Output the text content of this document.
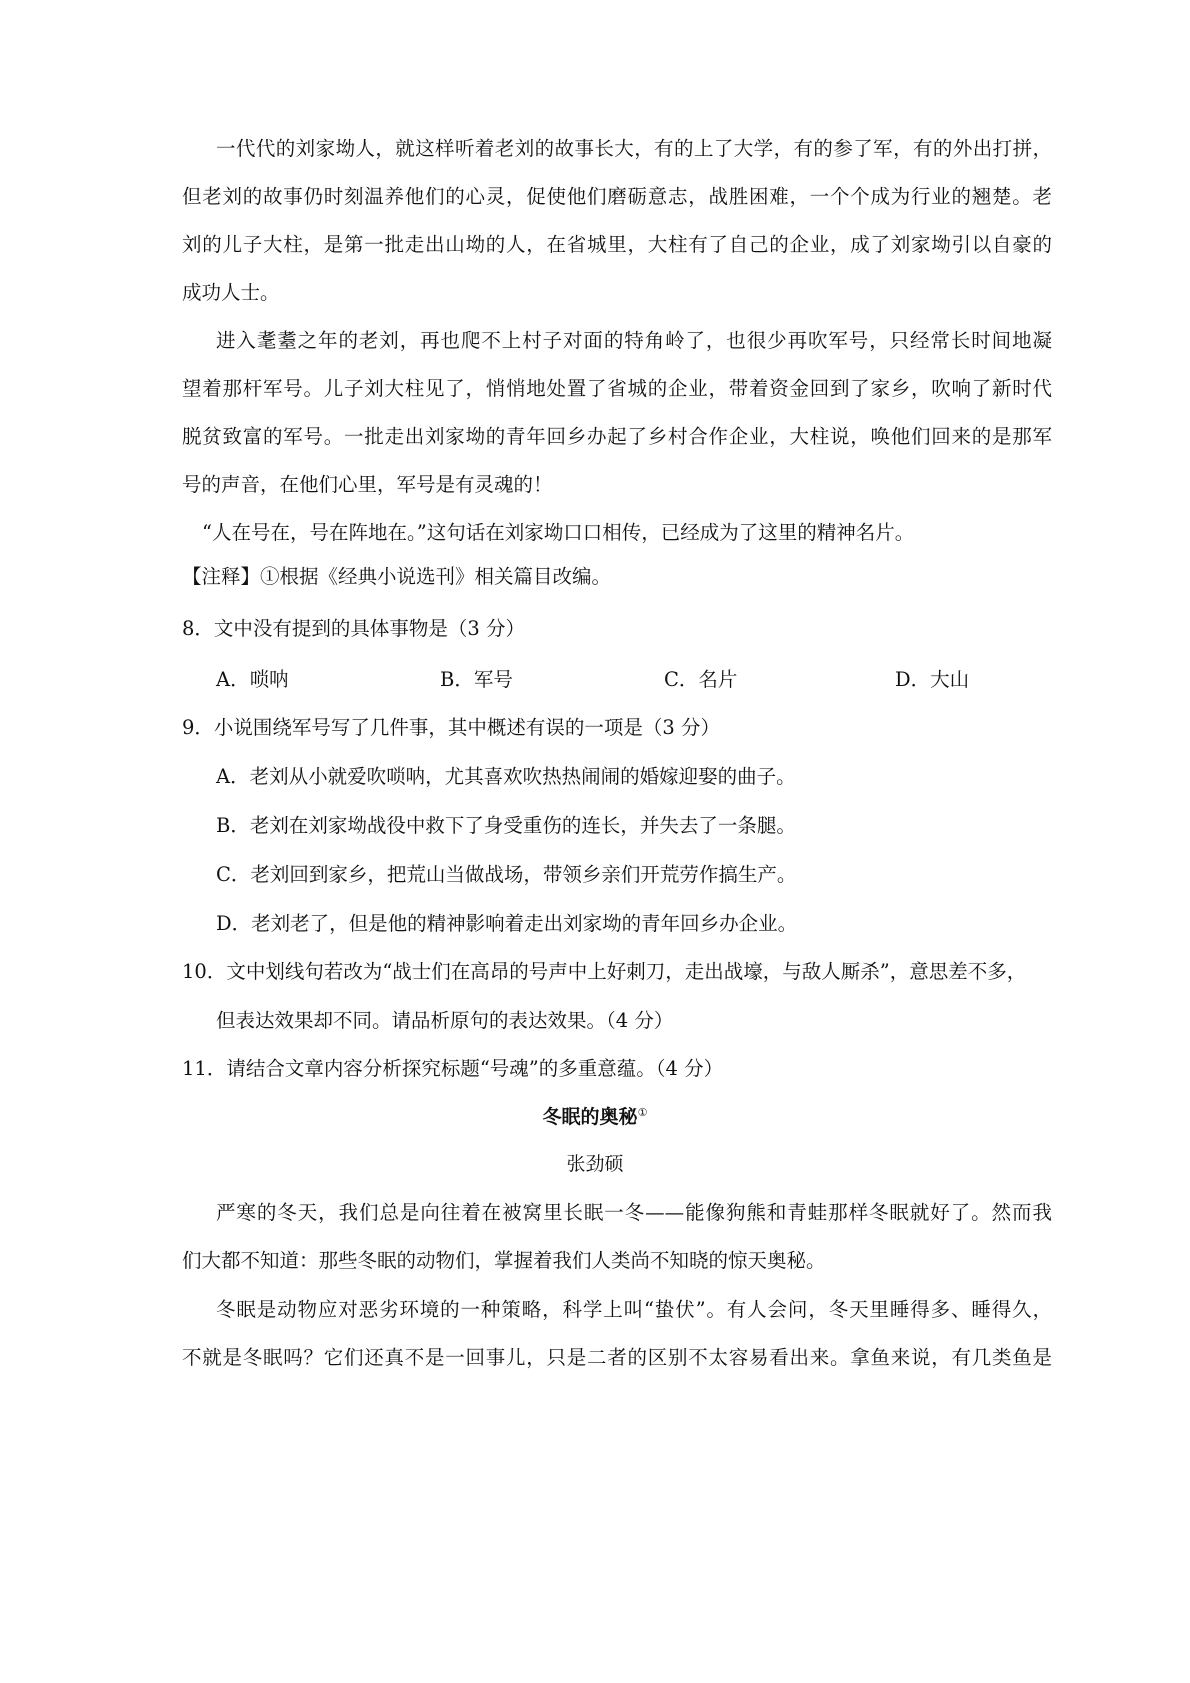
一代代的刘家坳人，就这样听着老刘的故事长大，有的上了大学，有的参了军，有的外出打拼，
但老刘的故事仍时刻温养他们的心灵，促使他们磨砺意志，战胜困难，一个个成为行业的翘楚。老
刘的儿子大柱，是第一批走出山坳的人，在省城里，大柱有了自己的企业，成了刘家坳引以自豪的
成功人士。
进入耄耋之年的老刘，再也爬不上村子对面的特角岭了，也很少再吹军号，只经常长时间地凝
望着那杆军号。儿子刘大柱见了，悄悄地处置了省城的企业，带着资金回到了家乡，吹响了新时代
脱贫致富的军号。一批走出刘家坳的青年回乡办起了乡村合作企业，大柱说，唤他们回来的是那军
号的声音，在他们心里，军号是有灵魂的！
“人在号在，号在阵地在。”这句话在刘家坳口口相传，已经成为了这里的精神名片。
【注释】①根据《经典小说选刊》相关篇目改编。
8．文中没有提到的具体事物是（3 分）
A．唢呐	B．军号	C．名片	D．大山
9．小说围绕军号写了几件事，其中概述有误的一项是（3 分）
A．老刘从小就爱吹唢呐，尤其喜欢吹热热闹闹的婚嫁迎娶的曲子。
B．老刘在刘家坳战役中救下了身受重伤的连长，并失去了一条腿。
C．老刘回到家乡，把荒山当做战场，带领乡亲们开荒劳作搞生产。
D．老刘老了，但是他的精神影响着走出刘家坳的青年回乡办企业。
10．文中划线句若改为“战士们在高昂的号声中上好刺刀，走出战壕，与敌人厮杀”，意思差不多，
但表达效果却不同。请品析原句的表达效果。（4 分）
11．请结合文章内容分析探究标题“号魂”的多重意蕴。（4 分）
冬眠的奥秘①
张劲硕
严寒的冬天，我们总是向往着在被窝里长眠一冬——能像狗熊和青蛙那样冬眠就好了。然而我
们大都不知道：那些冬眠的动物们，掌握着我们人类尚不知晓的惊天奥秘。
冬眠是动物应对恶劣环境的一种策略，科学上叫“蛰伏”。有人会问，冬天里睡得多、睡得久，
不就是冬眠吗？它们还真不是一回事儿，只是二者的区别不太容易看出来。拿鱼来说，有几类鱼是
